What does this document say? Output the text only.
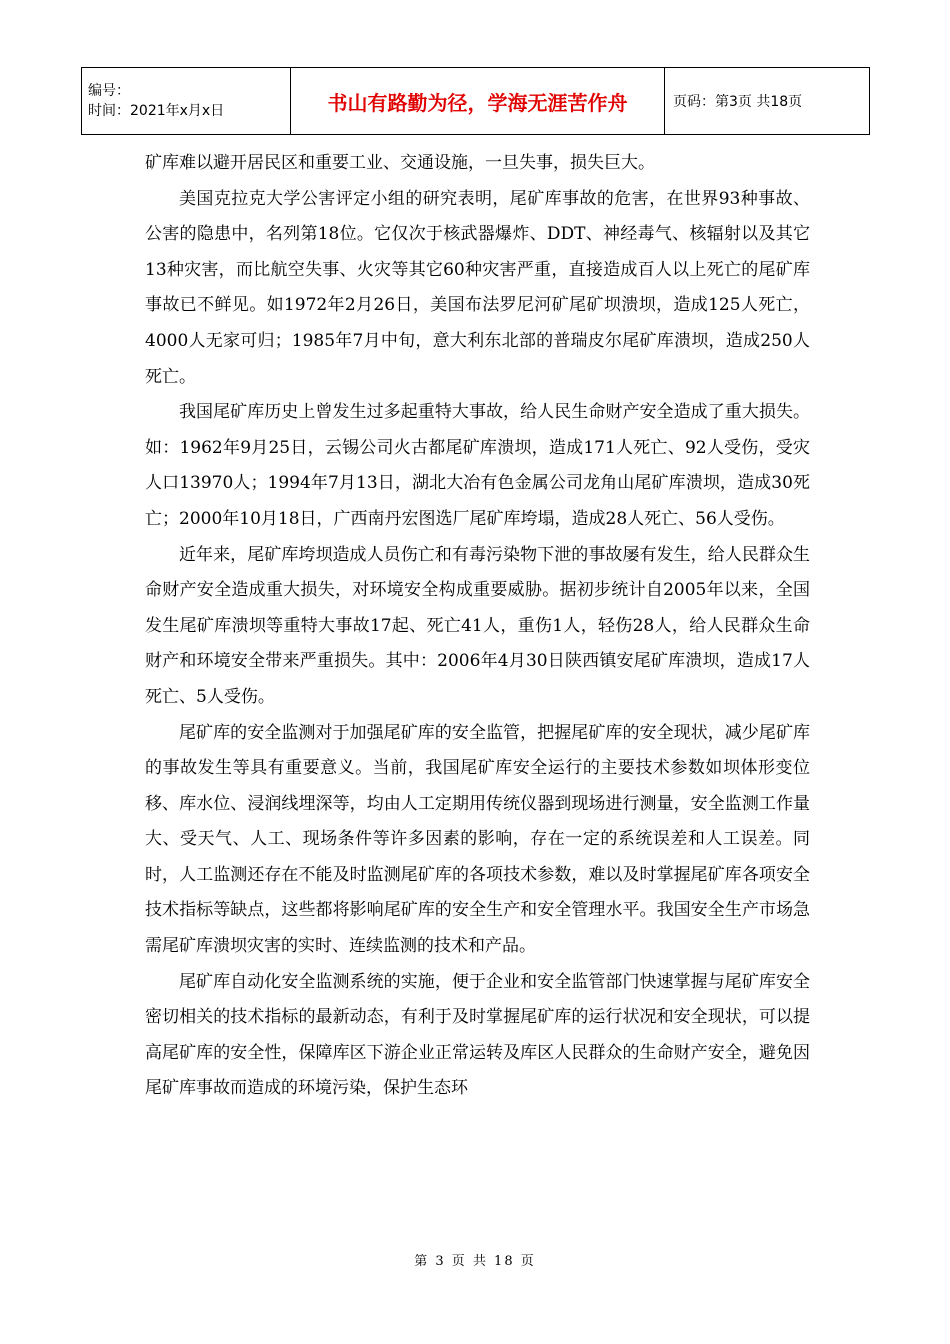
编号：
时间：2021年x月x日	书山有路勤为径，学海无涯苦作舟	页码：第3页 共18页

矿库难以避开居民区和重要工业、交通设施，一旦失事，损失巨大。

美国克拉克大学公害评定小组的研究表明，尾矿库事故的危害，在世界93种事故、公害的隐患中，名列第18位。它仅次于核武器爆炸、DDT、神经毒气、核辐射以及其它13种灾害，而比航空失事、火灾等其它60种灾害严重，直接造成百人以上死亡的尾矿库事故已不鲜见。如1972年2月26日，美国布法罗尼河矿尾矿坝溃坝，造成125人死亡，4000人无家可归；1985年7月中旬，意大利东北部的普瑞皮尔尾矿库溃坝，造成250人死亡。

我国尾矿库历史上曾发生过多起重特大事故，给人民生命财产安全造成了重大损失。如：1962年9月25日，云锡公司火古都尾矿库溃坝，造成171人死亡、92人受伤，受灾人口13970人；1994年7月13日，湖北大冶有色金属公司龙角山尾矿库溃坝，造成30死亡；2000年10月18日，广西南丹宏图选厂尾矿库垮塌，造成28人死亡、56人受伤。

近年来，尾矿库垮坝造成人员伤亡和有毒污染物下泄的事故屡有发生，给人民群众生命财产安全造成重大损失，对环境安全构成重要威胁。据初步统计自2005年以来，全国发生尾矿库溃坝等重特大事故17起、死亡41人，重伤1人，轻伤28人，给人民群众生命财产和环境安全带来严重损失。其中：2006年4月30日陕西镇安尾矿库溃坝，造成17人死亡、5人受伤。

尾矿库的安全监测对于加强尾矿库的安全监管，把握尾矿库的安全现状，减少尾矿库的事故发生等具有重要意义。当前，我国尾矿库安全运行的主要技术参数如坝体形变位移、库水位、浸润线埋深等，均由人工定期用传统仪器到现场进行测量，安全监测工作量大、受天气、人工、现场条件等许多因素的影响，存在一定的系统误差和人工误差。同时，人工监测还存在不能及时监测尾矿库的各项技术参数，难以及时掌握尾矿库各项安全技术指标等缺点，这些都将影响尾矿库的安全生产和安全管理水平。我国安全生产市场急需尾矿库溃坝灾害的实时、连续监测的技术和产品。

尾矿库自动化安全监测系统的实施，便于企业和安全监管部门快速掌握与尾矿库安全密切相关的技术指标的最新动态，有利于及时掌握尾矿库的运行状况和安全现状，可以提高尾矿库的安全性，保障库区下游企业正常运转及库区人民群众的生命财产安全，避免因尾矿库事故而造成的环境污染，保护生态环

第 3 页 共 18 页
